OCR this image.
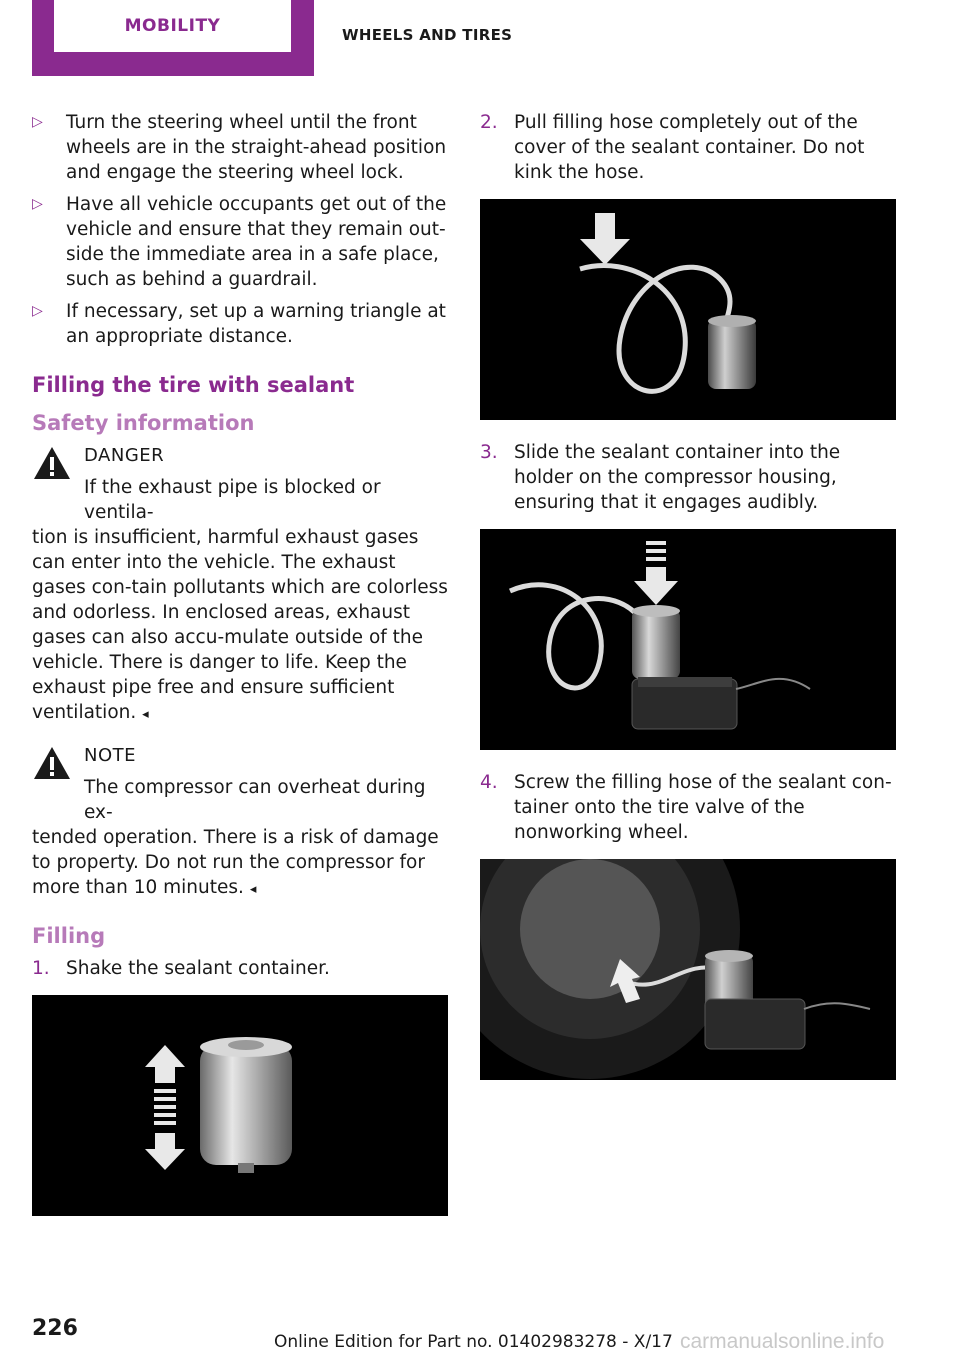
MOBILITY	WHEELS AND TIRES
▷ Turn the steering wheel until the front wheels are in the straight-ahead position and engage the steering wheel lock.
▷ Have all vehicle occupants get out of the vehicle and ensure that they remain out-side the immediate area in a safe place, such as behind a guardrail.
▷ If necessary, set up a warning triangle at an appropriate distance.
Filling the tire with sealant
Safety information
DANGER
If the exhaust pipe is blocked or ventila-
tion is insufficient, harmful exhaust gases can enter into the vehicle. The exhaust gases con-tain pollutants which are colorless and odorless. In enclosed areas, exhaust gases can also accu-mulate outside of the vehicle. There is danger to life. Keep the exhaust pipe free and ensure sufficient ventilation. ◂
NOTE
The compressor can overheat during ex-
tended operation. There is a risk of damage to property. Do not run the compressor for more than 10 minutes. ◂
Filling
1. Shake the sealant container.
2. Pull filling hose completely out of the cover of the sealant container. Do not kink the hose.
3. Slide the sealant container into the holder on the compressor housing, ensuring that it engages audibly.
4. Screw the filling hose of the sealant con-tainer onto the tire valve of the nonworking wheel.
226
Online Edition for Part no. 01402983278 - X/17 carmanualsonline.info
